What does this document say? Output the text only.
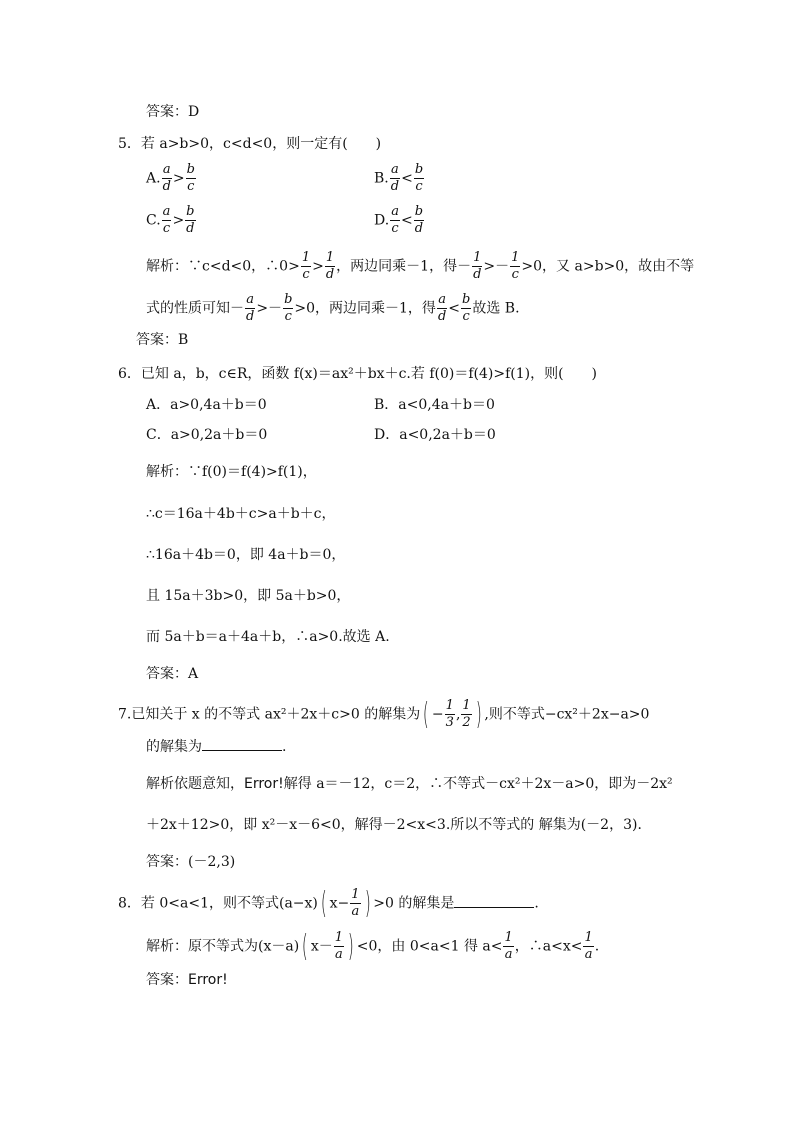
答案：D
5．若 a>b>0，c<d<0，则一定有(　　)
A. $\frac{a}{d} > \frac{b}{c}$	B. $\frac{a}{d} < \frac{b}{c}$
C. $\frac{a}{c} > \frac{b}{d}$	D. $\frac{a}{c} < \frac{b}{d}$
解析：∵c<d<0，∴0> $\frac{1}{c} > \frac{1}{d}$ ，两边同乘－1，得－ $\frac{1}{d} >- \frac{1}{c} >0$，又 a>b>0，故由不等
式的性质可知－ $\frac{a}{d} >- \frac{b}{c} >0$，两边同乘－1，得 $\frac{a}{d} < \frac{b}{c}$ 故选 B.
答案：B
6．已知 a，b，c∈R，函数 f(x)＝ax²＋bx＋c.若 f(0)＝f(4)>f(1)，则(　　)
A．a>0,4a＋b＝0	B．a<0,4a＋b＝0
C．a>0,2a＋b＝0	D．a<0,2a＋b＝0
解析：∵f(0)＝f(4)>f(1)，
∴c＝16a＋4b＋c>a＋b＋c，
∴16a＋4b＝0，即 4a＋b＝0，
且 15a＋3b>0，即 5a＋b>0，
而 5a＋b＝a＋4a＋b，∴a>0.故选 A.
答案：A
7.已知关于 x 的不等式 ax²＋2x＋c>0 的解集为( − $\frac{1}{3}$ , $\frac{1}{2}$ ) ,则不等式−cx²＋2x−a>0
的解集为	.
解析依题意知，Error!解得 a＝－12，c＝2，∴不等式－cx²＋2x－a>0，即为－2x²
＋2x＋12>0，即 x²－x－6<0，解得－2<x<3.所以不等式的 解集为(－2，3)．
答案：(－2,3)
8．若 0<a<1，则不等式(a−x)( $x- \frac{1}{a}$ ) >0 的解集是	.
解析：原不等式为(x－a)( $x- \frac{1}{a}$ ) <0，由 0<a<1 得 $a< \frac{1}{a}$ ，∴a<x< $\frac{1}{a}$ .
答案：Error!
